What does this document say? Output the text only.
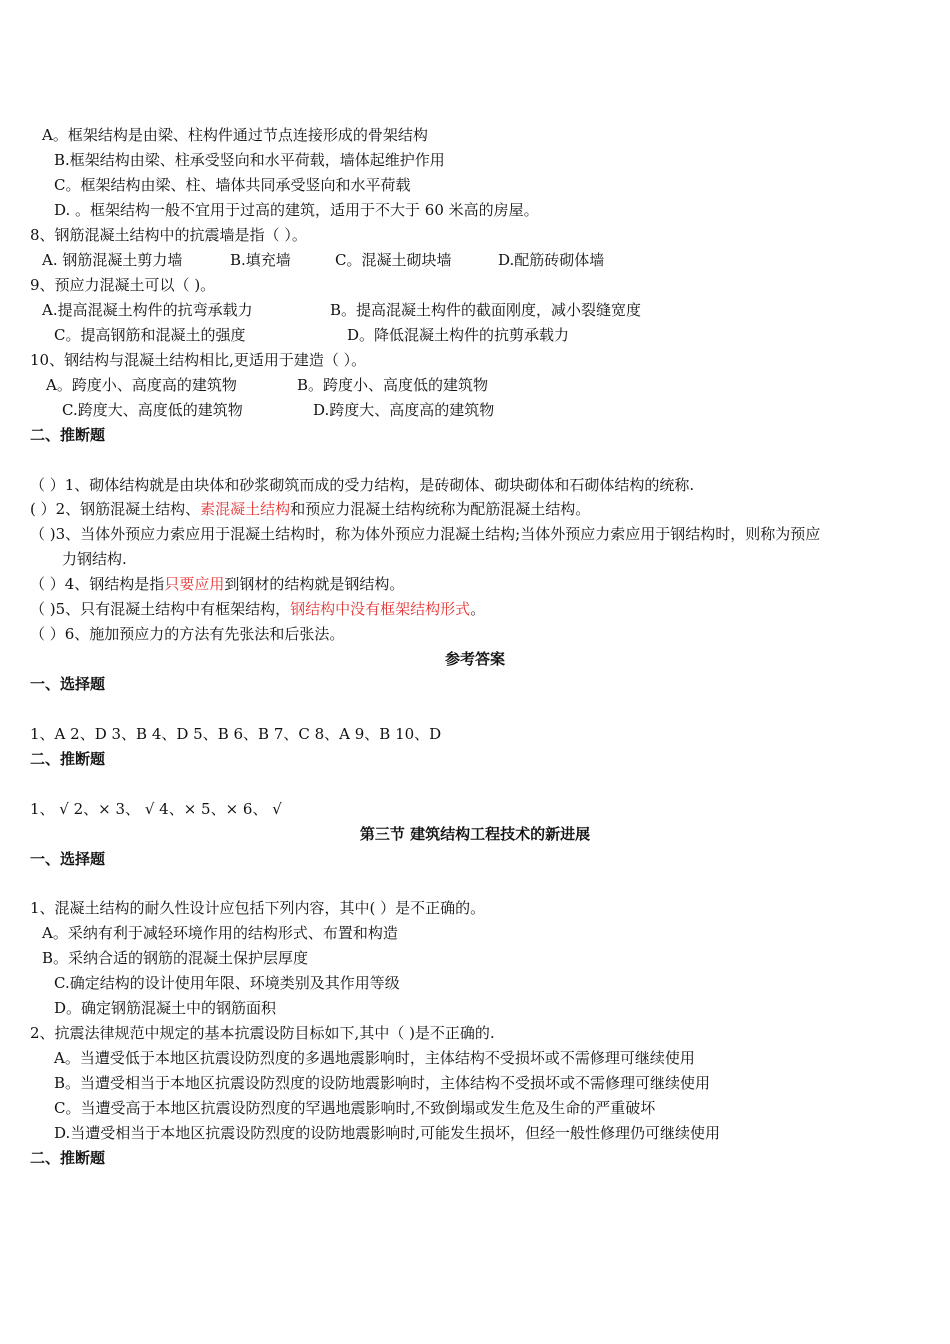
A。框架结构是由梁、柱构件通过节点连接形成的骨架结构
B.框架结构由梁、柱承受竖向和水平荷载，墙体起维护作用
C。框架结构由梁、柱、墙体共同承受竖向和水平荷载
D. 。框架结构一般不宜用于过高的建筑，适用于不大于 60 米高的房屋。
8、钢筋混凝土结构中的抗震墙是指（ ）。
A. 钢筋混凝土剪力墙	B.填充墙	C。混凝土砌块墙	D.配筋砖砌体墙
9、预应力混凝土可以（ )。
A.提高混凝土构件的抗弯承载力	B。提高混凝土构件的截面刚度，减小裂缝宽度
C。提高钢筋和混凝土的强度	D。降低混凝土构件的抗剪承载力
10、钢结构与混凝土结构相比,更适用于建造（ ）。
A。跨度小、高度高的建筑物	B。跨度小、高度低的建筑物
C.跨度大、高度低的建筑物	D.跨度大、高度高的建筑物
二、推断题
（ ）1、砌体结构就是由块体和砂浆砌筑而成的受力结构，是砖砌体、砌块砌体和石砌体结构的统称.
( ）2、钢筋混凝土结构、素混凝土结构和预应力混凝土结构统称为配筋混凝土结构。
（ )3、当体外预应力索应用于混凝土结构时，称为体外预应力混凝土结构;当体外预应力索应用于钢结构时，则称为预应
力钢结构.
（ ）4、钢结构是指只要应用到钢材的结构就是钢结构。
（ )5、只有混凝土结构中有框架结构，钢结构中没有框架结构形式。
（ ）6、施加预应力的方法有先张法和后张法。
参考答案
一、选择题
1、A 2、D 3、B 4、D 5、B 6、B 7、C 8、A 9、B 10、D
二、推断题
1、 √ 2、× 3、 √ 4、× 5、× 6、 √
第三节 建筑结构工程技术的新进展
一、选择题
1、混凝土结构的耐久性设计应包括下列内容，其中( ）是不正确的。
A。采纳有利于减轻环境作用的结构形式、布置和构造
B。采纳合适的钢筋的混凝土保护层厚度
C.确定结构的设计使用年限、环境类别及其作用等级
D。确定钢筋混凝土中的钢筋面积
2、抗震法律规范中规定的基本抗震设防目标如下,其中（ )是不正确的.
A。当遭受低于本地区抗震设防烈度的多遇地震影响时，主体结构不受损坏或不需修理可继续使用
B。当遭受相当于本地区抗震设防烈度的设防地震影响时，主体结构不受损坏或不需修理可继续使用
C。当遭受高于本地区抗震设防烈度的罕遇地震影响时,不致倒塌或发生危及生命的严重破坏
D.当遭受相当于本地区抗震设防烈度的设防地震影响时,可能发生损坏，但经一般性修理仍可继续使用
二、推断题
